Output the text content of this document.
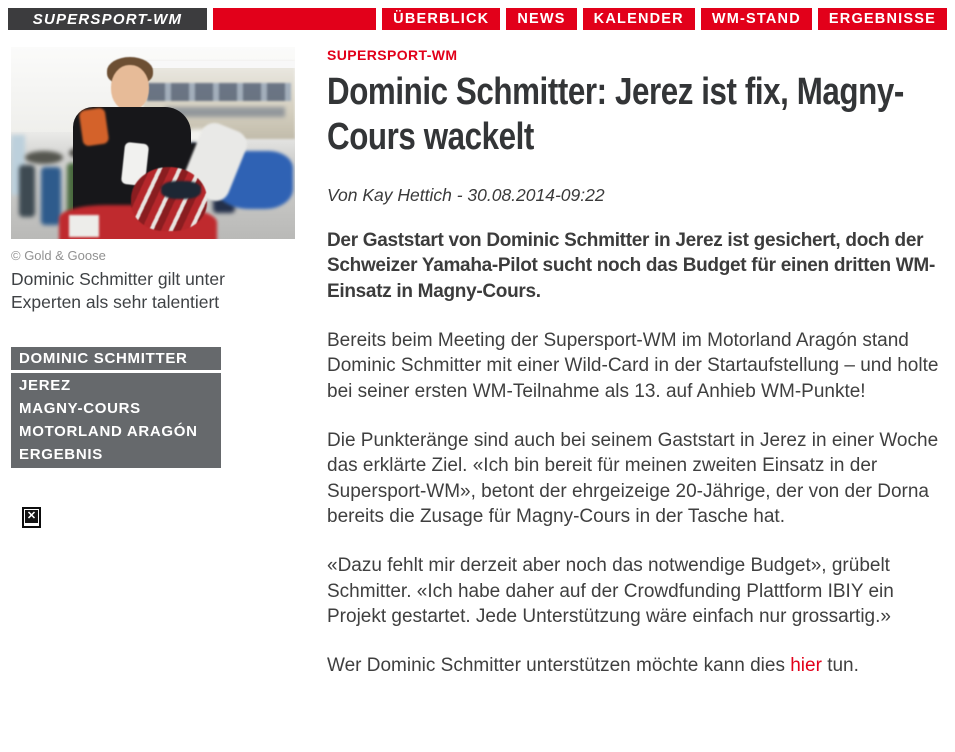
SUPERSPORT-WM	ÜBERBLICK NEWS KALENDER WM-STAND ERGEBNISSE
© Gold & Goose
Dominic Schmitter gilt unter Experten als sehr talentiert
DOMINIC SCHMITTER
JEREZ
MAGNY-COURS
MOTORLAND ARAGÓN
ERGEBNIS
✕
SUPERSPORT-WM
Dominic Schmitter: Jerez ist fix, Magny-Cours wackelt
Von Kay Hettich - 30.08.2014-09:22

Der Gaststart von Dominic Schmitter in Jerez ist gesichert, doch der Schweizer Yamaha-Pilot sucht noch das Budget für einen dritten WM-Einsatz in Magny-Cours.

Bereits beim Meeting der Supersport-WM im Motorland Aragón stand Dominic Schmitter mit einer Wild-Card in der Startaufstellung – und holte bei seiner ersten WM-Teilnahme als 13. auf Anhieb WM-Punkte!

Die Punkteränge sind auch bei seinem Gaststart in Jerez in einer Woche das erklärte Ziel. «Ich bin bereit für meinen zweiten Einsatz in der Supersport-WM», betont der ehrgeizeige 20-Jährige, der von der Dorna bereits die Zusage für Magny-Cours in der Tasche hat.

«Dazu fehlt mir derzeit aber noch das notwendige Budget», grübelt Schmitter. «Ich habe daher auf der Crowdfunding Plattform IBIY ein Projekt gestartet. Jede Unterstützung wäre einfach nur grossartig.»

Wer Dominic Schmitter unterstützen möchte kann dies hier tun.
